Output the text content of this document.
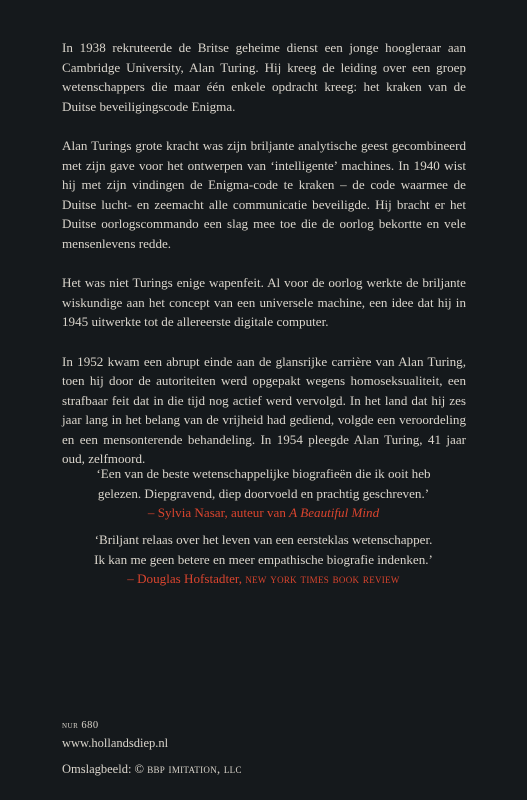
In 1938 rekruteerde de Britse geheime dienst een jonge hoogleraar aan Cambridge University, Alan Turing. Hij kreeg de leiding over een groep wetenschappers die maar één enkele opdracht kreeg: het kraken van de Duitse beveiligingscode Enigma.

Alan Turings grote kracht was zijn briljante analytische geest gecombineerd met zijn gave voor het ontwerpen van ‘intelligente’ machines. In 1940 wist hij met zijn vindingen de Enigma-code te kraken – de code waarmee de Duitse lucht- en zeemacht alle communicatie beveiligde. Hij bracht er het Duitse oorlogscommando een slag mee toe die de oorlog bekortte en vele mensenlevens redde.

Het was niet Turings enige wapenfeit. Al voor de oorlog werkte de briljante wiskundige aan het concept van een universele machine, een idee dat hij in 1945 uitwerkte tot de allereerste digitale computer.

In 1952 kwam een abrupt einde aan de glansrijke carrière van Alan Turing, toen hij door de autoriteiten werd opgepakt wegens homoseksualiteit, een strafbaar feit dat in die tijd nog actief werd vervolgd. In het land dat hij zes jaar lang in het belang van de vrijheid had gediend, volgde een veroordeling en een mensonterende behandeling. In 1954 pleegde Alan Turing, 41 jaar oud, zelfmoord.

‘Een van de beste wetenschappelijke biografieën die ik ooit heb
gelezen. Diepgravend, diep doorvoeld en prachtig geschreven.’
– Sylvia Nasar, auteur van A Beautiful Mind
‘Briljant relaas over het leven van een eersteklas wetenschapper.
Ik kan me geen betere en meer empathische biografie indenken.’
– Douglas Hofstadter, new york times book review
nur 680
www.hollandsdiep.nl
Omslagbeeld: © bbp imitation, llc
